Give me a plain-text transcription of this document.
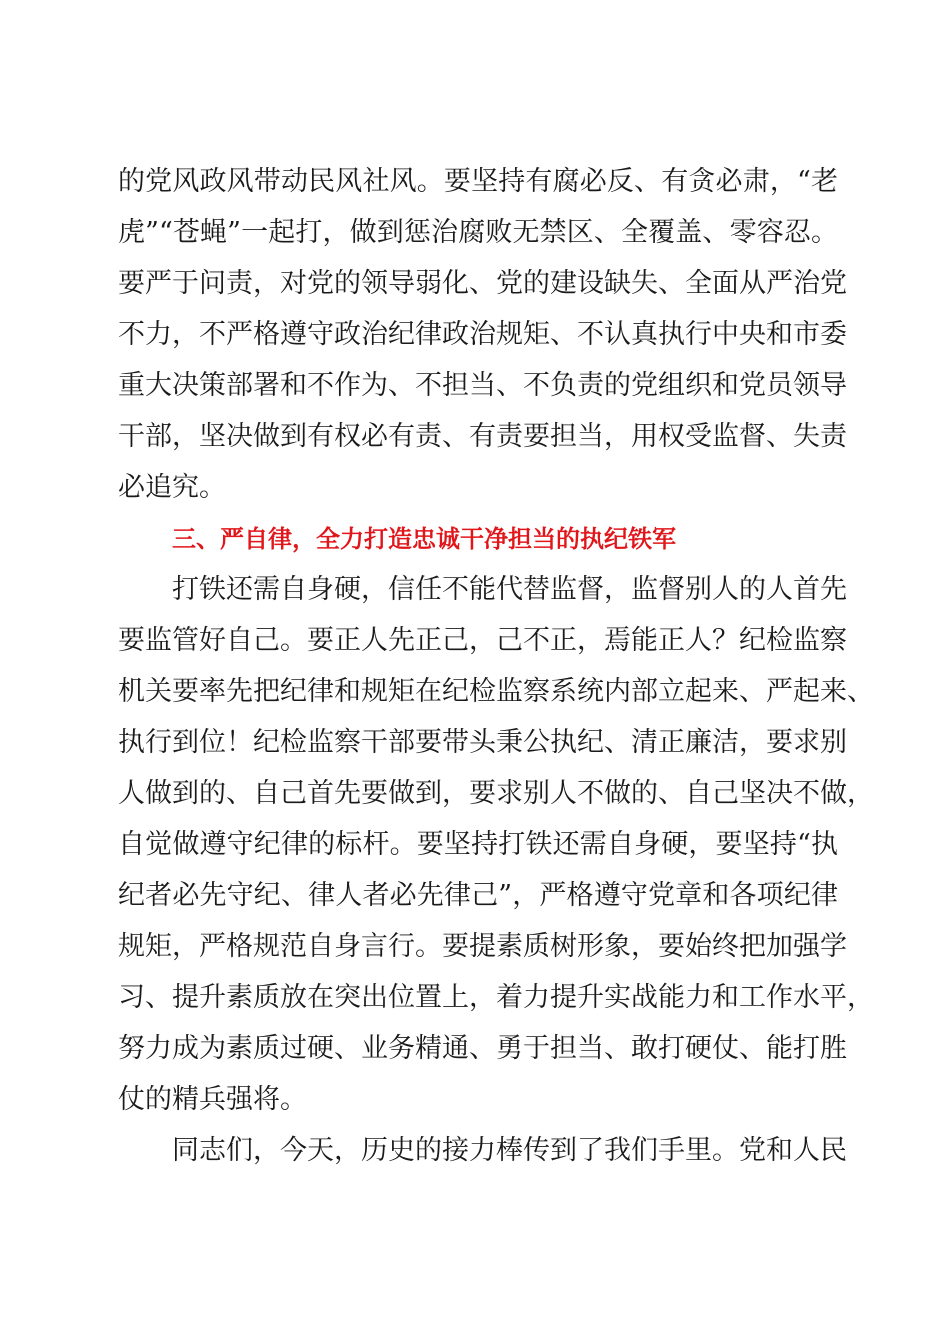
的党风政风带动民风社风。要坚持有腐必反、有贪必肃，“老
虎”“苍蝇”一起打，做到惩治腐败无禁区、全覆盖、零容忍。
要严于问责，对党的领导弱化、党的建设缺失、全面从严治党
不力，不严格遵守政治纪律政治规矩、不认真执行中央和市委
重大决策部署和不作为、不担当、不负责的党组织和党员领导
干部，坚决做到有权必有责、有责要担当，用权受监督、失责
必追究。
三、严自律，全力打造忠诚干净担当的执纪铁军
打铁还需自身硬，信任不能代替监督，监督别人的人首先
要监管好自己。要正人先正己，己不正，焉能正人？纪检监察
机关要率先把纪律和规矩在纪检监察系统内部立起来、严起来、
执行到位！纪检监察干部要带头秉公执纪、清正廉洁，要求别
人做到的、自己首先要做到，要求别人不做的、自己坚决不做，
自觉做遵守纪律的标杆。要坚持打铁还需自身硬，要坚持“执
纪者必先守纪、律人者必先律己”，严格遵守党章和各项纪律
规矩，严格规范自身言行。要提素质树形象，要始终把加强学
习、提升素质放在突出位置上，着力提升实战能力和工作水平，
努力成为素质过硬、业务精通、勇于担当、敢打硬仗、能打胜
仗的精兵强将。
同志们，今天，历史的接力棒传到了我们手里。党和人民
